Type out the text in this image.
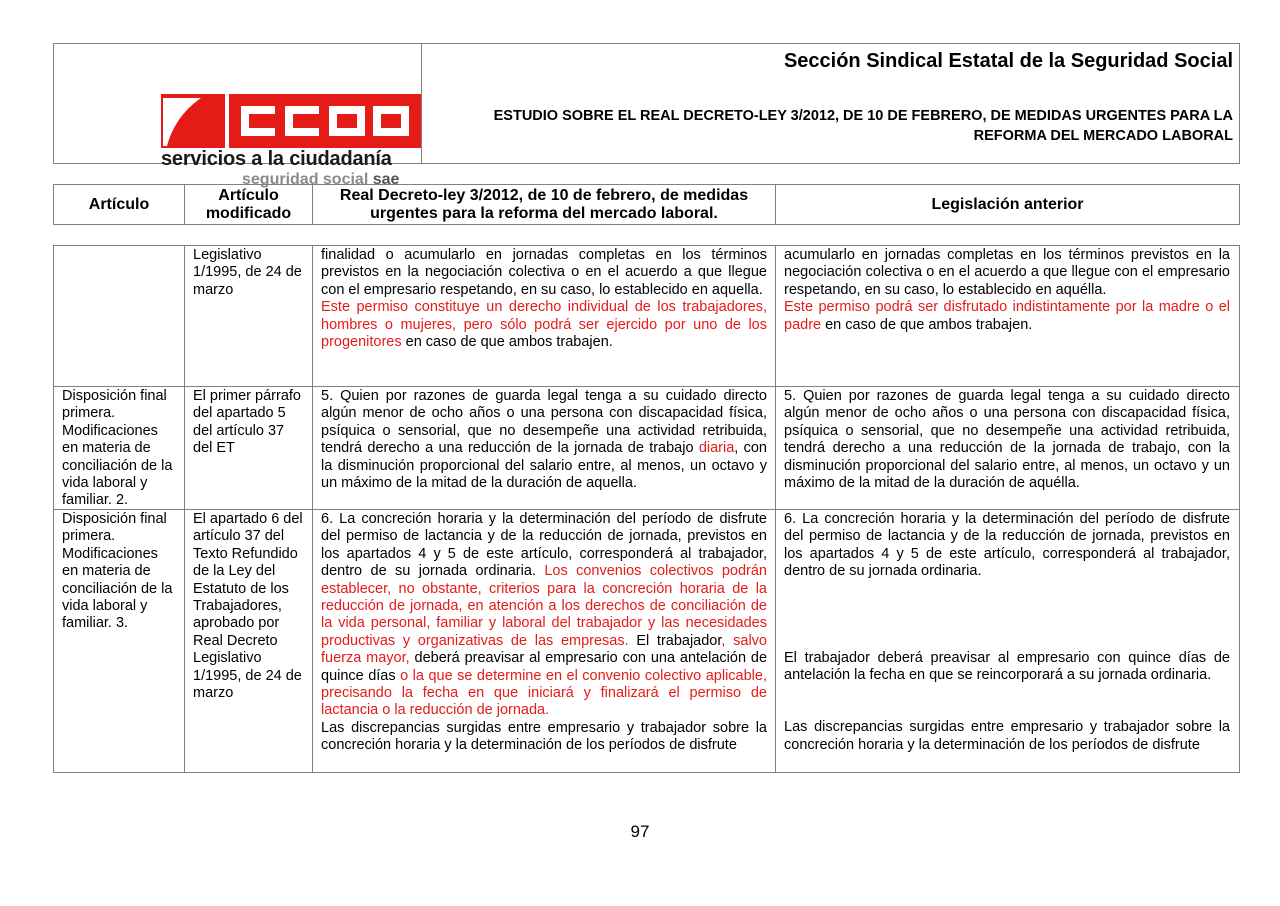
servicios a la ciudadanía
seguridad social sae
Sección Sindical Estatal de la Seguridad Social
ESTUDIO SOBRE EL REAL DECRETO-LEY 3/2012, DE 10 DE FEBRERO, DE MEDIDAS URGENTES PARA LA REFORMA DEL MERCADO LABORAL
Artículo
Artículo modificado
Real Decreto-ley 3/2012, de 10 de febrero, de medidas urgentes para la reforma del mercado laboral.
Legislación anterior
Legislativo 1/1995, de 24 de marzo

finalidad o acumularlo en jornadas completas en los términos previstos en la negociación colectiva o en el acuerdo a que llegue con el empresario respetando, en su caso, lo establecido en aquella.

Este permiso constituye un derecho individual de los trabajadores, hombres o mujeres, pero sólo podrá ser ejercido por uno de los progenitores en caso de que ambos trabajen.

acumularlo en jornadas completas en los términos previstos en la negociación colectiva o en el acuerdo a que llegue con el empresario respetando, en su caso, lo establecido en aquélla.

Este permiso podrá ser disfrutado indistintamente por la madre o el padre en caso de que ambos trabajen.

Disposición final primera. Modificaciones en materia de conciliación de la vida laboral y familiar. 2.
El primer párrafo del apartado 5 del artículo 37 del ET

5. Quien por razones de guarda legal tenga a su cuidado directo algún menor de ocho años o una persona con discapacidad física, psíquica o sensorial, que no desempeñe una actividad retribuida, tendrá derecho a una reducción de la jornada de trabajo diaria, con la disminución proporcional del salario entre, al menos, un octavo y un máximo de la mitad de la duración de aquella.

5. Quien por razones de guarda legal tenga a su cuidado directo algún menor de ocho años o una persona con discapacidad física, psíquica o sensorial, que no desempeñe una actividad retribuida, tendrá derecho a una reducción de la jornada de trabajo, con la disminución proporcional del salario entre, al menos, un octavo y un máximo de la mitad de la duración de aquélla.

Disposición final primera. Modificaciones en materia de conciliación de la vida laboral y familiar. 3.
El apartado 6 del artículo 37 del Texto Refundido de la Ley del Estatuto de los Trabajadores, aprobado por Real Decreto Legislativo 1/1995, de 24 de marzo

6. La concreción horaria y la determinación del período de disfrute del permiso de lactancia y de la reducción de jornada, previstos en los apartados 4 y 5 de este artículo, corresponderá al trabajador, dentro de su jornada ordinaria. Los convenios colectivos podrán establecer, no obstante, criterios para la concreción horaria de la reducción de jornada, en atención a los derechos de conciliación de la vida personal, familiar y laboral del trabajador y las necesidades productivas y organizativas de las empresas. El trabajador, salvo fuerza mayor, deberá preavisar al empresario con una antelación de quince días o la que se determine en el convenio colectivo aplicable, precisando la fecha en que iniciará y finalizará el permiso de lactancia o la reducción de jornada.

Las discrepancias surgidas entre empresario y trabajador sobre la concreción horaria y la determinación de los períodos de disfrute

6. La concreción horaria y la determinación del período de disfrute del permiso de lactancia y de la reducción de jornada, previstos en los apartados 4 y 5 de este artículo, corresponderá al trabajador, dentro de su jornada ordinaria.

El trabajador deberá preavisar al empresario con quince días de antelación la fecha en que se reincorporará a su jornada ordinaria.

Las discrepancias surgidas entre empresario y trabajador sobre la concreción horaria y la determinación de los períodos de disfrute

97
